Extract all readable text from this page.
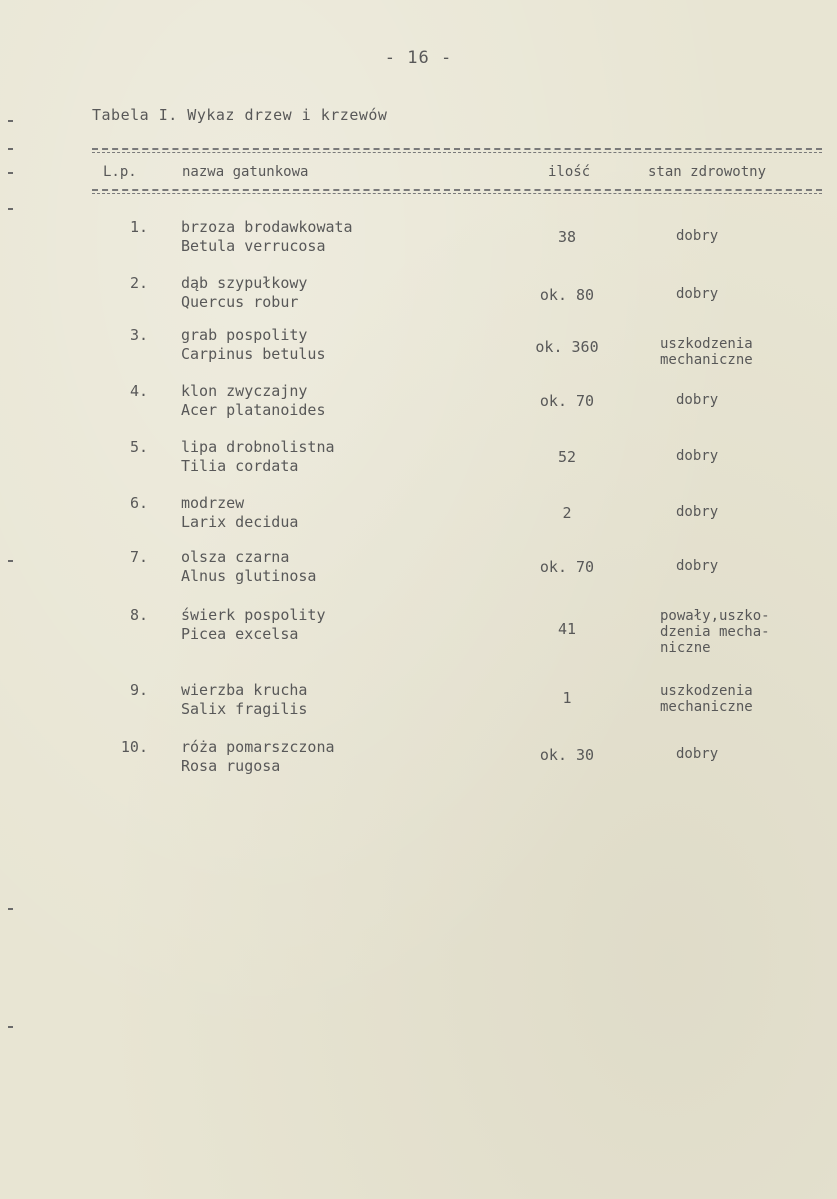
- 16 -
Tabela I. Wykaz drzew i krzewów
L.p.	nazwa gatunkowa	ilość	stan zdrowotny
1. brzoza brodawkowata
Betula verrucosa	38	dobry
2. dąb szypułkowy
Quercus robur	ok. 80	dobry
3. grab pospolity
Carpinus betulus	ok. 360	uszkodzenia
mechaniczne
4. klon zwyczajny
Acer platanoides	ok. 70	dobry
5. lipa drobnolistna
Tilia cordata	52	dobry
6. modrzew
Larix decidua	2	dobry
7. olsza czarna
Alnus glutinosa	ok. 70	dobry
8. świerk pospolity
Picea excelsa	41
powały,uszko-
dzenia mecha-
niczne
9. wierzba krucha
Salix fragilis
1	uszkodzenia
mechaniczne
10. róża pomarszczona
Rosa rugosa
ok. 30	dobry
